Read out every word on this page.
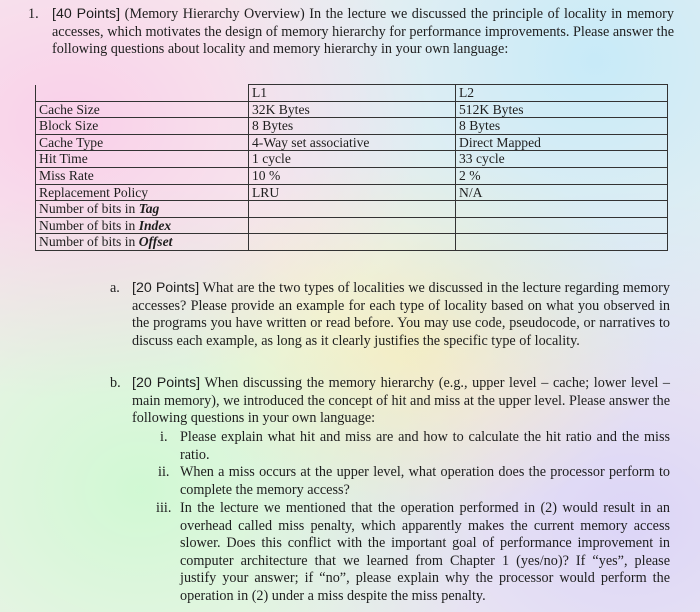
1. [40 Points] (Memory Hierarchy Overview) In the lecture we discussed the principle of locality in memory accesses, which motivates the design of memory hierarchy for performance improvements. Please answer the following questions about locality and memory hierarchy in your own language:
	L1	L2
Cache Size	32K Bytes	512K Bytes
Block Size	8 Bytes	8 Bytes
Cache Type	4-Way set associative	Direct Mapped
Hit Time	1 cycle	33 cycle
Miss Rate	10 %	2 %
Replacement Policy	LRU	N/A
Number of bits in Tag		
Number of bits in Index		
Number of bits in Offset		
a. [20 Points] What are the two types of localities we discussed in the lecture regarding memory accesses? Please provide an example for each type of locality based on what you observed in the programs you have written or read before. You may use code, pseudocode, or narratives to discuss each example, as long as it clearly justifies the specific type of locality.
b. [20 Points] When discussing the memory hierarchy (e.g., upper level – cache; lower level – main memory), we introduced the concept of hit and miss at the upper level. Please answer the following questions in your own language:
i. Please explain what hit and miss are and how to calculate the hit ratio and the miss ratio.
ii. When a miss occurs at the upper level, what operation does the processor perform to complete the memory access?
iii. In the lecture we mentioned that the operation performed in (2) would result in an overhead called miss penalty, which apparently makes the current memory access slower. Does this conflict with the important goal of performance improvement in computer architecture that we learned from Chapter 1 (yes/no)? If “yes”, please justify your answer; if “no”, please explain why the processor would perform the operation in (2) under a miss despite the miss penalty.
